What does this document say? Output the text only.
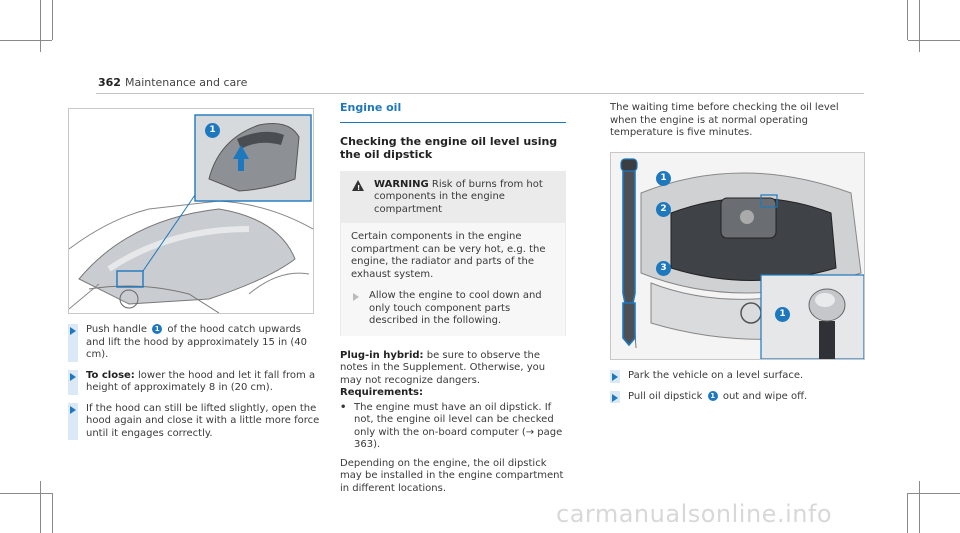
362 Maintenance and care
1
Push handle 1 of the hood catch upwards and lift the hood by approximately 15 in (40 cm).
To close: lower the hood and let it fall from a height of approximately 8 in (20 cm).
If the hood can still be lifted slightly, open the hood again and close it with a little more force until it engages correctly.
Engine oil
Checking the engine oil level using the oil dipstick
! WARNING Risk of burns from hot components in the engine compartment
Certain components in the engine compartment can be very hot, e.g. the engine, the radiator and parts of the exhaust system.
Allow the engine to cool down and only touch component parts described in the following.
Plug-in hybrid: be sure to observe the notes in the Supplement. Otherwise, you may not recognize dangers.
Requirements:
• The engine must have an oil dipstick. If not, the engine oil level can be checked only with the on-board computer (→ page 363).
Depending on the engine, the oil dipstick may be installed in the engine compartment in different locations.
The waiting time before checking the oil level when the engine is at normal operating temperature is five minutes.
1
2
3
1
Park the vehicle on a level surface.
Pull oil dipstick 1 out and wipe off.
carmanualsonline.info
